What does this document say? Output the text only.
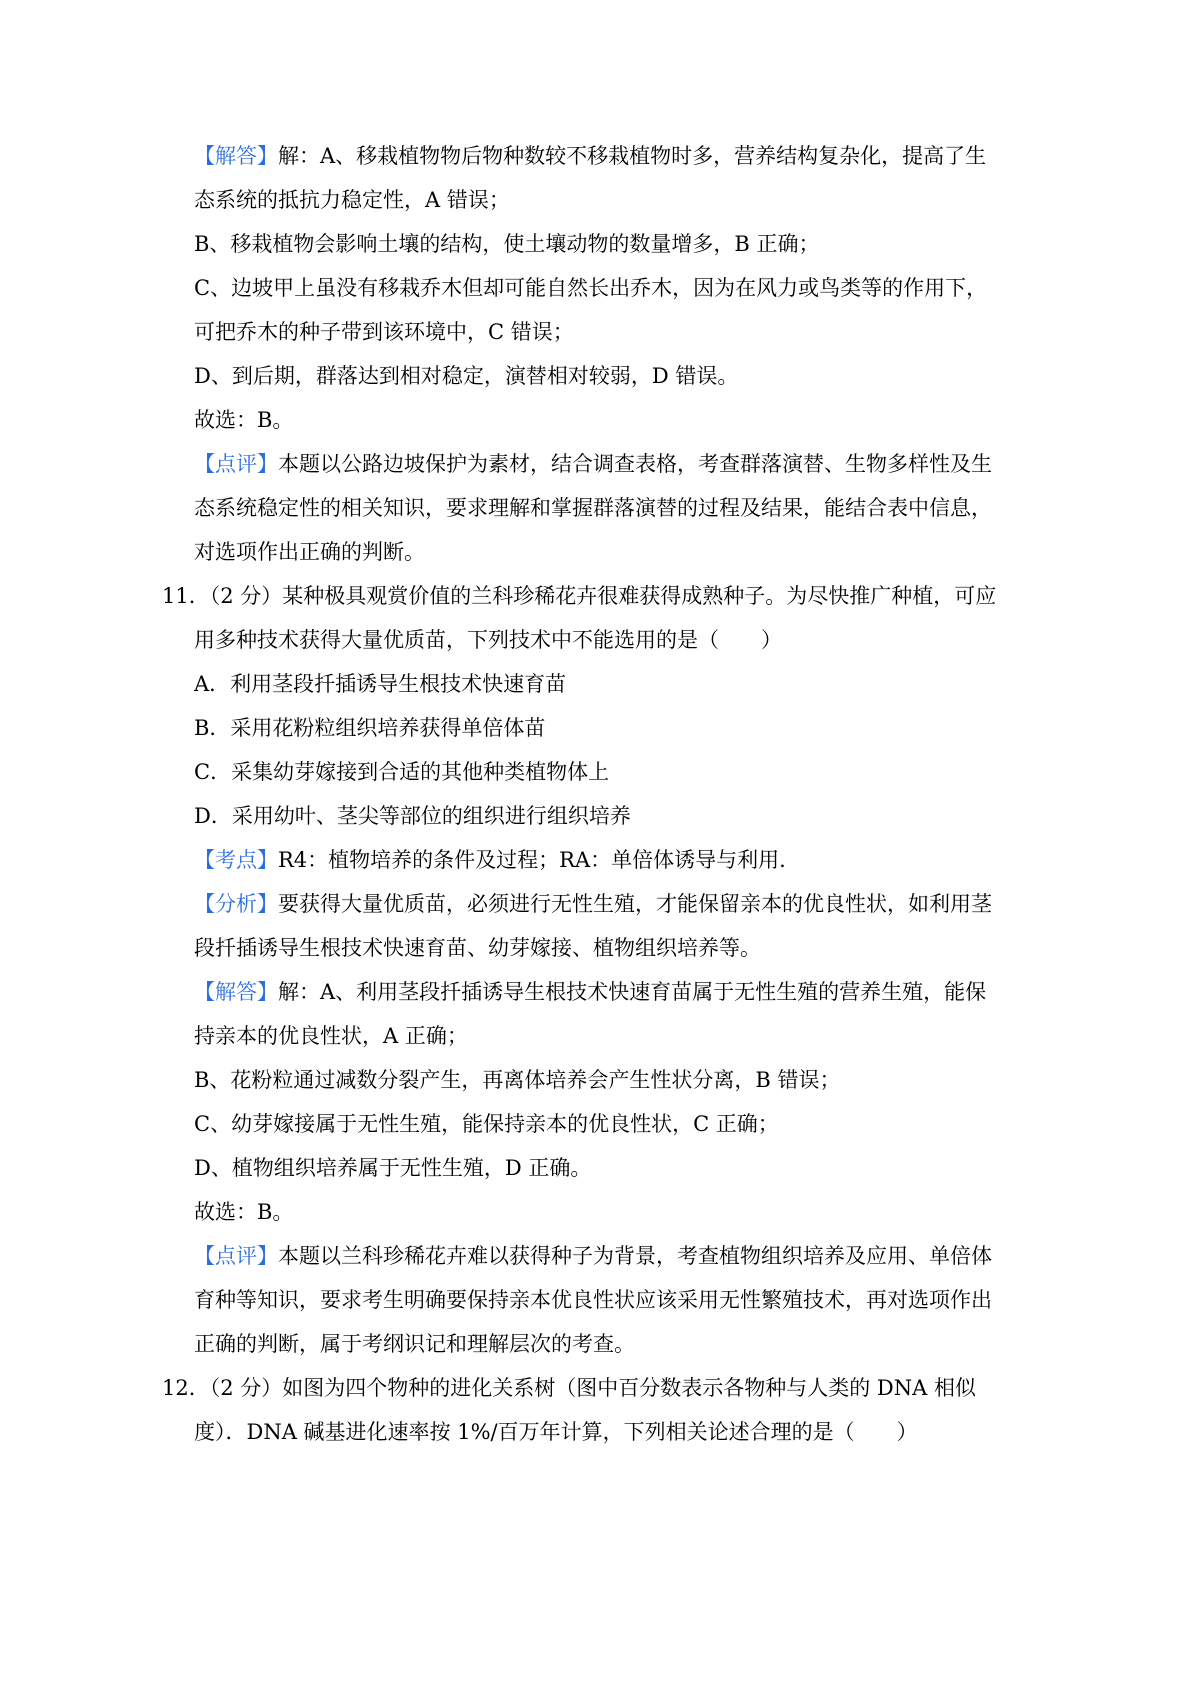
【解答】解：A、移栽植物物后物种数较不移栽植物时多，营养结构复杂化，提高了生
态系统的抵抗力稳定性，A 错误；
B、移栽植物会影响土壤的结构，使土壤动物的数量增多，B 正确；
C、边坡甲上虽没有移栽乔木但却可能自然长出乔木，因为在风力或鸟类等的作用下，
可把乔木的种子带到该环境中，C 错误；
D、到后期，群落达到相对稳定，演替相对较弱，D 错误。
故选：B。
【点评】本题以公路边坡保护为素材，结合调查表格，考查群落演替、生物多样性及生
态系统稳定性的相关知识，要求理解和掌握群落演替的过程及结果，能结合表中信息，
对选项作出正确的判断。
11．（2 分）某种极具观赏价值的兰科珍稀花卉很难获得成熟种子。为尽快推广种植，可应
用多种技术获得大量优质苗，下列技术中不能选用的是（　　）
A．利用茎段扦插诱导生根技术快速育苗
B．采用花粉粒组织培养获得单倍体苗
C．采集幼芽嫁接到合适的其他种类植物体上
D．采用幼叶、茎尖等部位的组织进行组织培养
【考点】R4：植物培养的条件及过程；RA：单倍体诱导与利用.
【分析】要获得大量优质苗，必须进行无性生殖，才能保留亲本的优良性状，如利用茎
段扦插诱导生根技术快速育苗、幼芽嫁接、植物组织培养等。
【解答】解：A、利用茎段扦插诱导生根技术快速育苗属于无性生殖的营养生殖，能保
持亲本的优良性状，A 正确；
B、花粉粒通过减数分裂产生，再离体培养会产生性状分离，B 错误；
C、幼芽嫁接属于无性生殖，能保持亲本的优良性状，C 正确；
D、植物组织培养属于无性生殖，D 正确。
故选：B。
【点评】本题以兰科珍稀花卉难以获得种子为背景，考查植物组织培养及应用、单倍体
育种等知识，要求考生明确要保持亲本优良性状应该采用无性繁殖技术，再对选项作出
正确的判断，属于考纲识记和理解层次的考查。
12．（2 分）如图为四个物种的进化关系树（图中百分数表示各物种与人类的 DNA 相似
度）．DNA 碱基进化速率按 1%/百万年计算，下列相关论述合理的是（　　）
